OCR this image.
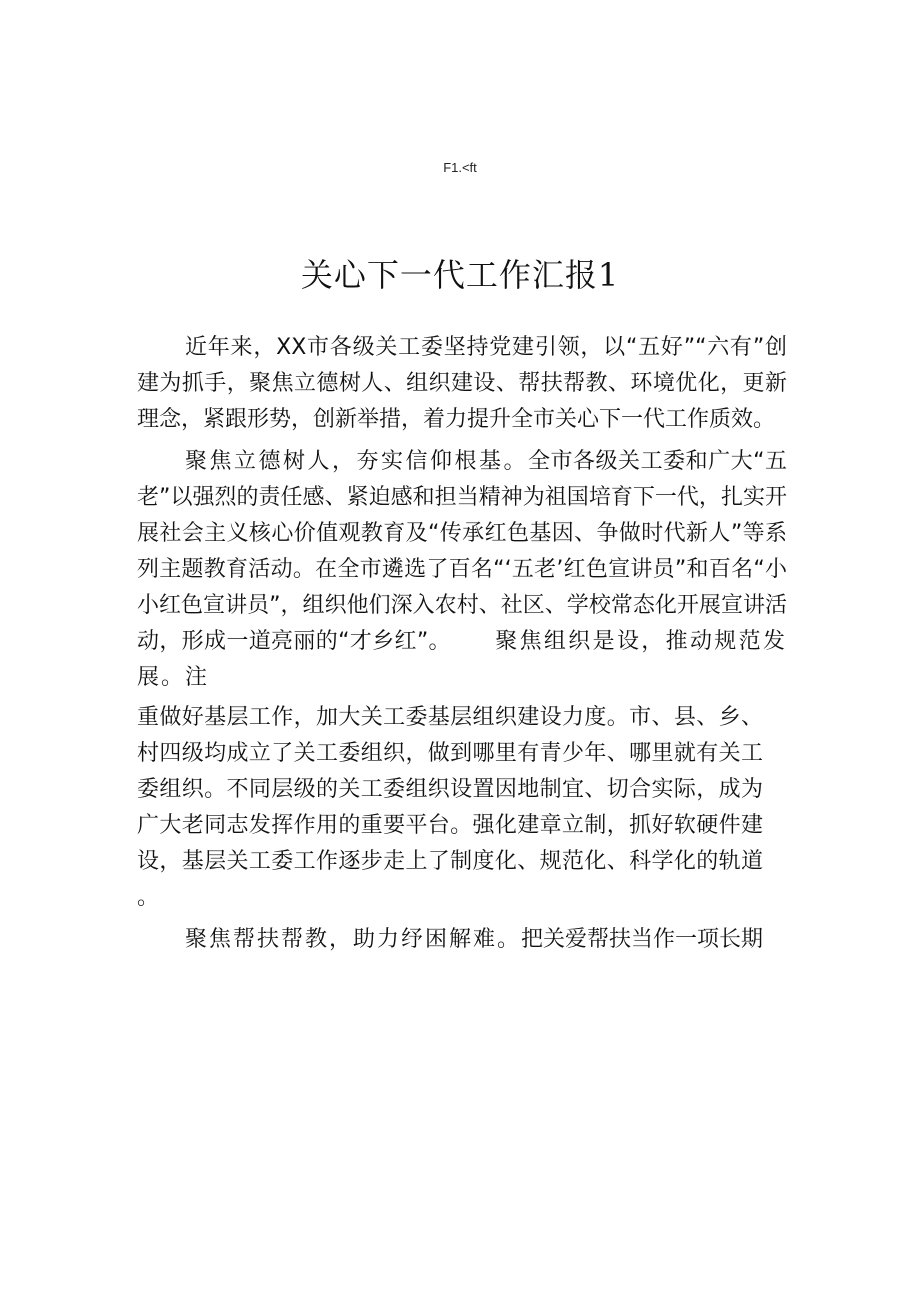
F1.<ft
关心下一代工作汇报1

近年来，XX市各级关工委坚持党建引领，以“五好”“六有”创建为抓手，聚焦立德树人、组织建设、帮扶帮教、环境优化，更新理念，紧跟形势，创新举措，着力提升全市关心下一代工作质效。

聚焦立德树人，夯实信仰根基。全市各级关工委和广大“五老”以强烈的责任感、紧迫感和担当精神为祖国培育下一代，扎实开展社会主义核心价值观教育及“传承红色基因、争做时代新人”等系列主题教育活动。在全市遴选了百名“‘五老’红色宣讲员”和百名“小小红色宣讲员”，组织他们深入农村、社区、学校常态化开展宣讲活动，形成一道亮丽的“才乡红”。 聚焦组织是设，推动规范发展。注

重做好基层工作，加大关工委基层组织建设力度。市、县、乡、村四级均成立了关工委组织，做到哪里有青少年、哪里就有关工委组织。不同层级的关工委组织设置因地制宜、切合实际，成为广大老同志发挥作用的重要平台。强化建章立制，抓好软硬件建设，基层关工委工作逐步走上了制度化、规范化、科学化的轨道。

聚焦帮扶帮教，助力纾困解难。把关爱帮扶当作一项长期
